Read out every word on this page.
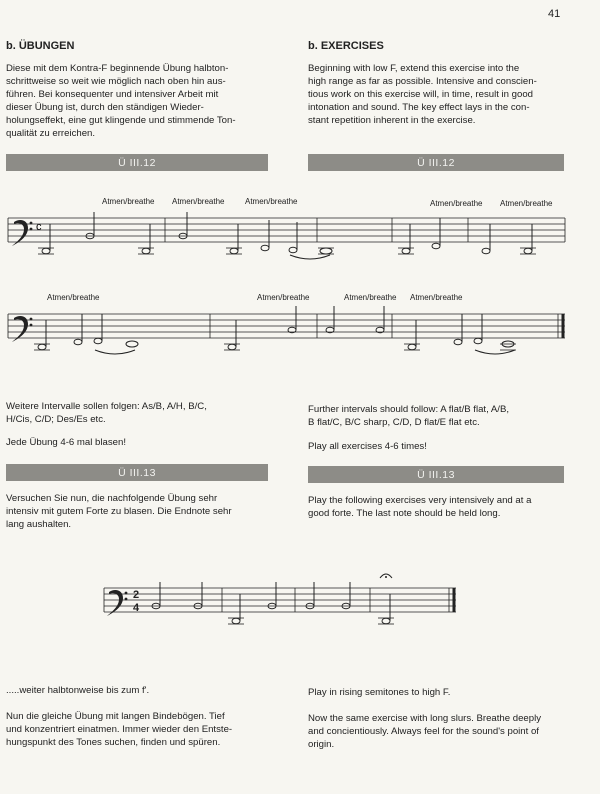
41
b. ÜBUNGEN
Diese mit dem Kontra-F beginnende Übung halbton-
schrittweise so weit wie möglich nach oben hin aus-
führen. Bei konsequenter und intensiver Arbeit mit
dieser Übung ist, durch den ständigen Wieder-
holungseffekt, eine gut klingende und stimmende Ton-
qualität zu erreichen.
b. EXERCISES
Beginning with low F, extend this exercise into the
high range as far as possible. Intensive and conscien-
tious work on this exercise will, in time, result in good
intonation and sound. The key effect lays in the con-
stant repetition inherent in the exercise.
Ü III.12	Ü III.12
c
Atmen/breathe Atmen/breathe	Atmen/breathe	Atmen/breathe Atmen/breathe
Atmen/breathe	Atmen/breathe	Atmen/breathe Atmen/breathe
Weitere Intervalle sollen folgen: As/B, A/H, B/C,
H/Cis, C/D; Des/Es etc.
Jede Übung 4-6 mal blasen!
Further intervals should follow: A flat/B flat, A/B,
B flat/C, B/C sharp, C/D, D flat/E flat etc.
Play all exercises 4-6 times!
Ü III.13	Ü III.13
Versuchen Sie nun, die nachfolgende Übung sehr
intensiv mit gutem Forte zu blasen. Die Endnote sehr
lang aushalten.
Play the following exercises very intensively and at a
good forte. The last note should be held long.
2
4
.....weiter halbtonweise bis zum f'.	Play in rising semitones to high F.
Nun die gleiche Übung mit langen Bindebögen. Tief
und konzentriert einatmen. Immer wieder den Entste-
hungspunkt des Tones suchen, finden und spüren.
Now the same exercise with long slurs. Breathe deeply
and concientiously. Always feel for the sound's point of
origin.
